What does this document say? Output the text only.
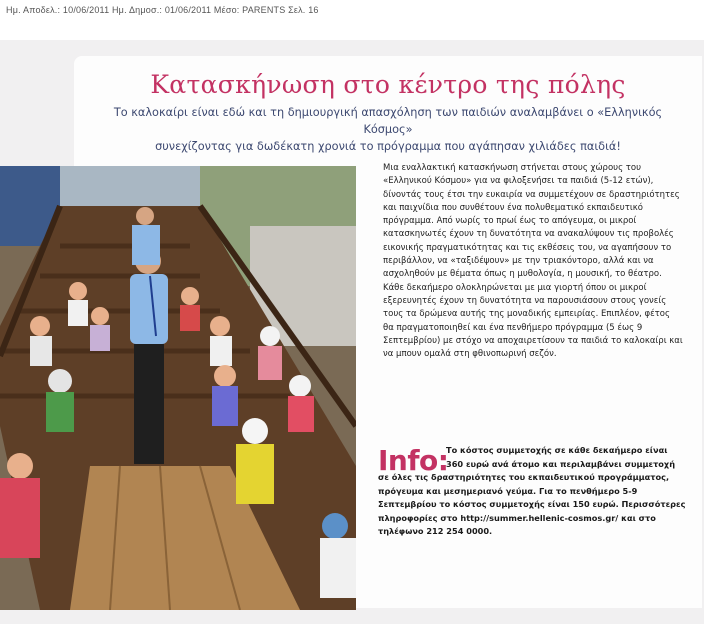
Ημ. Αποδελ.: 10/06/2011 Ημ. Δημοσ.: 01/06/2011 Μέσο: PARENTS Σελ. 16
Κατασκήνωση στο κέντρο της πόλης
Το καλοκαίρι είναι εδώ και τη δημιουργική απασχόληση των παιδιών αναλαμβάνει ο «Ελληνικός Κόσμος»
συνεχίζοντας για δωδέκατη χρονιά το πρόγραμμα που αγάπησαν χιλιάδες παιδιά!
Μια εναλλακτική κατασκήνωση στήνεται στους χώρους του «Ελληνικού Κόσμου» για να φιλοξενήσει τα παιδιά (5-12 ετών), δίνοντάς τους έτσι την ευκαιρία να συμμετέχουν σε δραστηριότητες και παιχνίδια που συνθέτουν ένα πολυθεματικό εκπαιδευτικό πρόγραμμα. Από νωρίς το πρωί έως το απόγευμα, οι μικροί κατασκηνωτές έχουν τη δυνατότητα να ανακαλύψουν τις προβολές εικονικής πραγματικότητας και τις εκθέσεις του, να αγαπήσουν το περιβάλλον, να «ταξιδέψουν» με την τριακόντορο, αλλά και να ασχοληθούν με θέματα όπως η μυθολογία, η μουσική, το θέατρο. Κάθε δεκαήμερο ολοκληρώνεται με μια γιορτή όπου οι μικροί εξερευνητές έχουν τη δυνατότητα να παρουσιάσουν στους γονείς τους τα δρώμενα αυτής της μοναδικής εμπειρίας. Επιπλέον, φέτος θα πραγματοποιηθεί και ένα πενθήμερο πρόγραμμα (5 έως 9 Σεπτεμβρίου) με στόχο να αποχαιρετίσουν τα παιδιά το καλοκαίρι και να μπουν ομαλά στη φθινοπωρινή σεζόν.
Info:
Το κόστος συμμετοχής σε κάθε δεκαήμερο είναι
360 ευρώ ανά άτομο και περιλαμβάνει συμμετοχή
σε όλες τις δραστηριότητες του εκπαιδευτικού προγράμματος, πρόγευμα και μεσημεριανό γεύμα. Για το πενθήμερο 5-9 Σεπτεμβρίου το κόστος συμμετοχής είναι 150 ευρώ. Περισσότερες πληροφορίες στο http://summer.hellenic-cosmos.gr/ και στο τηλέφωνο 212 254 0000.
